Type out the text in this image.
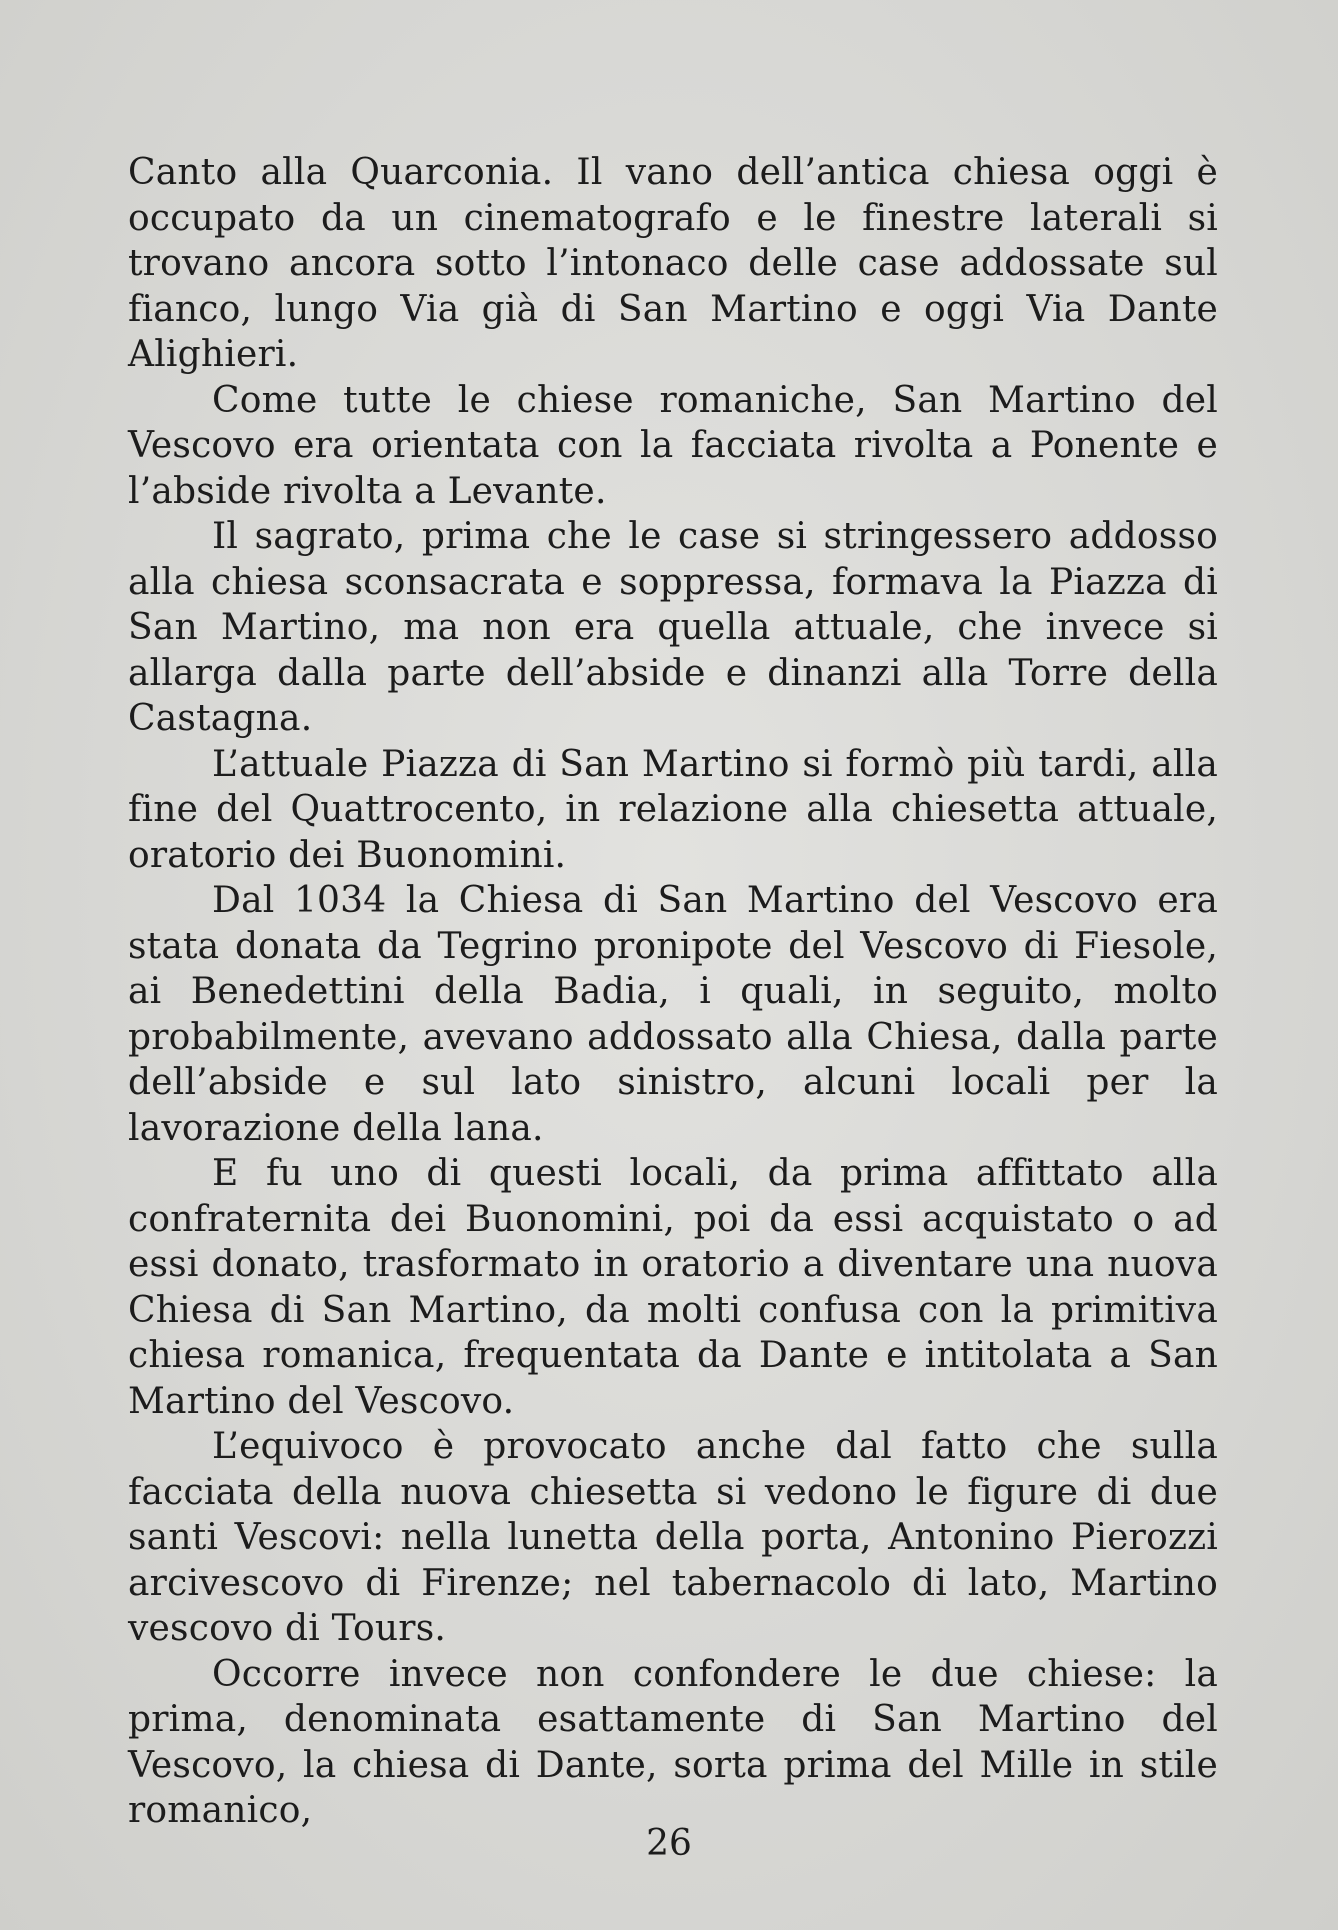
Canto alla Quarconia. Il vano dell’antica chiesa oggi è occupato da un cinematografo e le finestre laterali si trovano ancora sotto l’intonaco delle case addossate sul fianco, lungo Via già di San Martino e oggi Via Dante Alighieri.

Come tutte le chiese romaniche, San Martino del Vescovo era orientata con la facciata rivolta a Ponente e l’abside rivolta a Levante.

Il sagrato, prima che le case si stringessero addosso alla chiesa sconsacrata e soppressa, formava la Piazza di San Martino, ma non era quella attuale, che invece si allarga dalla parte dell’abside e dinanzi alla Torre della Castagna.

L’attuale Piazza di San Martino si formò più tardi, alla fine del Quattrocento, in relazione alla chiesetta attuale, oratorio dei Buonomini.

Dal 1034 la Chiesa di San Martino del Vescovo era stata donata da Tegrino pronipote del Vescovo di Fiesole, ai Benedettini della Badia, i quali, in seguito, molto probabilmente, avevano addossato alla Chiesa, dalla parte dell’abside e sul lato sinistro, alcuni locali per la lavorazione della lana.

E fu uno di questi locali, da prima affittato alla confraternita dei Buonomini, poi da essi acquistato o ad essi donato, trasformato in oratorio a diventare una nuova Chiesa di San Martino, da molti confusa con la primitiva chiesa romanica, frequentata da Dante e intitolata a San Martino del Vescovo.

L’equivoco è provocato anche dal fatto che sulla facciata della nuova chiesetta si vedono le figure di due santi Vescovi: nella lunetta della porta, Antonino Pierozzi arcivescovo di Firenze; nel tabernacolo di lato, Martino vescovo di Tours.

Occorre invece non confondere le due chiese: la prima, denominata esattamente di San Martino del Vescovo, la chiesa di Dante, sorta prima del Mille in stile romanico,

26
